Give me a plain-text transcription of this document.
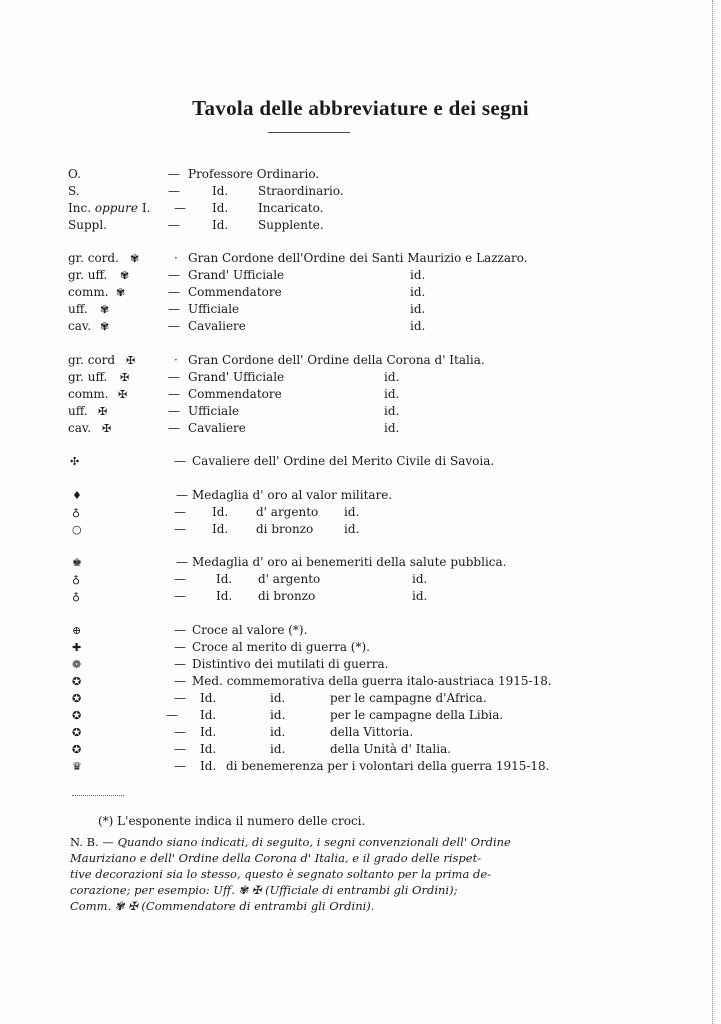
Tavola delle abbreviature e dei segni
O.	— Professore Ordinario.
S.	—	Id. Straordinario.
Inc. oppure I. — Id. Incaricato.
Suppl.	—	Id. Supplente.
gr. cord. ✾	· Gran Cordone dell'Ordine dei Santi Maurizio e Lazzaro.
gr. uff. ✾	— Grand' Ufficiale	id.
comm. ✾	— Commendatore	id.
uff. ✾	— Ufficiale	id.
cav. ✾	— Cavaliere	id.
gr. cord ✠	· Gran Cordone dell' Ordine della Corona d' Italia.
gr. uff. ✠	— Grand' Ufficiale	id.
comm. ✠	— Commendatore	id.
uff. ✠	— Ufficiale	id.
cav. ✠	— Cavaliere	id.
✣	— Cavaliere dell' Ordine del Merito Civile di Savoia.
♦	— Medaglia d' oro al valor militare.
♁	— Id. d' argento id.
○	— Id. di bronzo	id.
♚	— Medaglia d' oro ai benemeriti della salute pubblica.
♁	—	Id. d' argento	id.
♁	—	Id. di bronzo	id.
⊕	— Croce al valore (*).
✚	— Croce al merito di guerra (*).
❁	— Distintivo dei mutilati di guerra.
✪	— Med. commemorativa della guerra italo-austriaca 1915-18.
✪	— Id.	id.	per le campagne d'Africa.
✪	— Id.	id.	per le campagne della Libia.
✪	— Id.	id.	della Vittoria.
✪	— Id.	id.	della Unità d' Italia.
♛	— Id. di benemerenza per i volontari della guerra 1915-18.
(*) L'esponente indica il numero delle croci.
N. B. — Quando siano indicati, di seguito, i segni convenzionali dell' Ordine
Mauriziano e dell' Ordine della Corona d' Italia, e il grado delle rispet-
tive decorazioni sia lo stesso, questo è segnato soltanto per la prima de-
corazione; per esempio: Uff. ✾ ✠ (Ufficiale di entrambi gli Ordini);
Comm. ✾ ✠ (Commendatore di entrambi gli Ordini).
